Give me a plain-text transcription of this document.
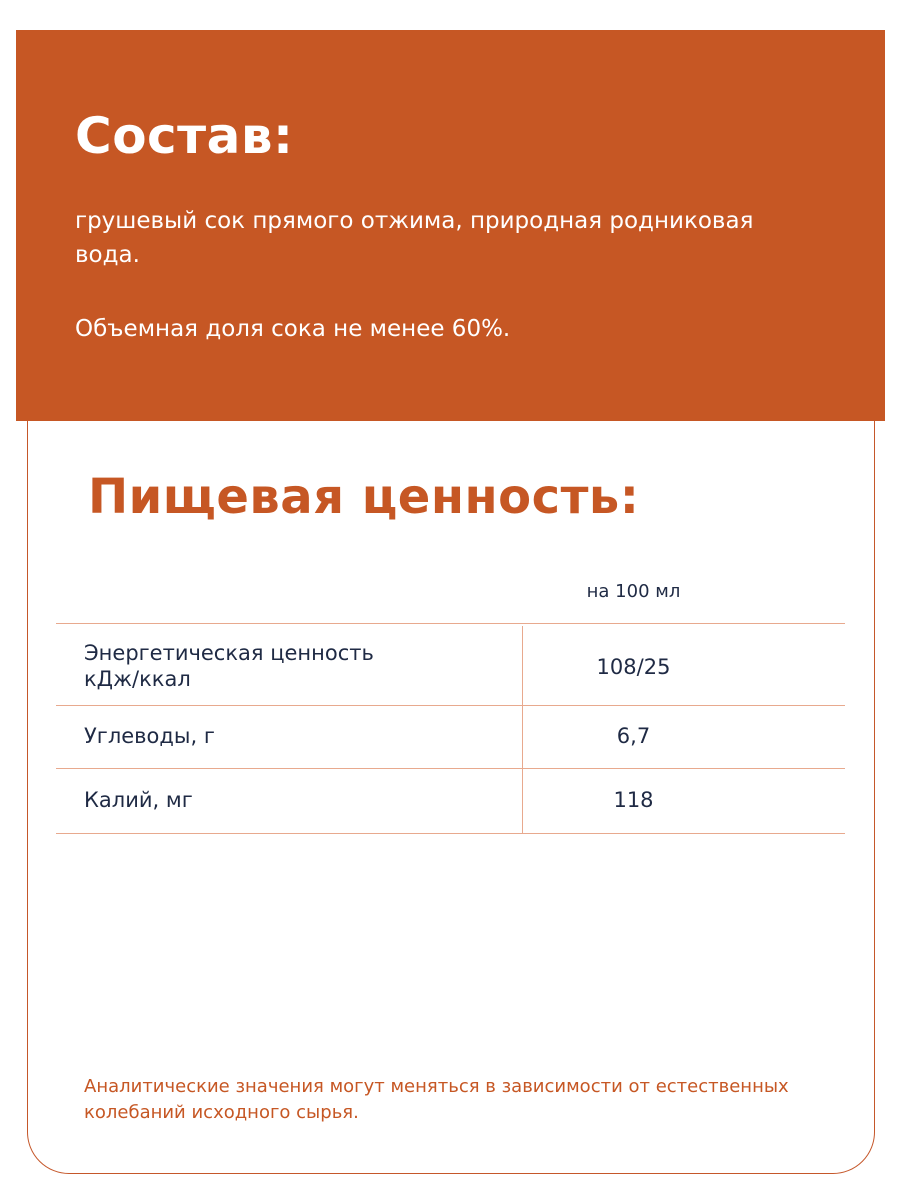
Состав:

грушевый сок прямого отжима, природная родниковая вода.

Объемная доля сока не менее 60%.

Пищевая ценность:
на 100 мл
Энергетическая ценность
кДж/ккал	108/25
Углеводы, г	6,7
Калий, мг	118

Аналитические значения могут меняться в зависимости от естественных колебаний исходного сырья.
